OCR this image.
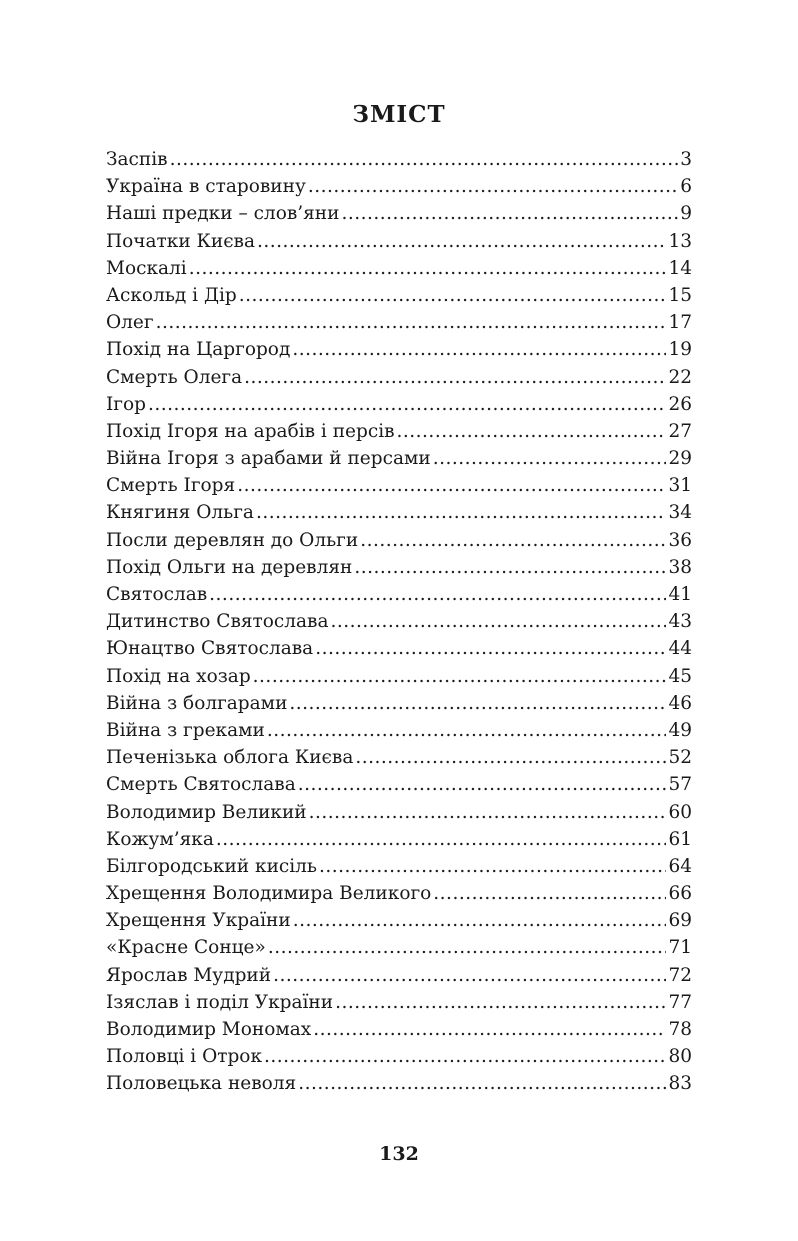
ЗМІСТ
Заспів .....	3
Україна в старовину .....	6
Наші предки – слов’яни .....	9
Початки Києва .....	13
Москалі .....	14
Аскольд і Дір .....	15
Олег .....	17
Похід на Царгород .....	19
Смерть Олега .....	22
Ігор .....	26
Похід Ігоря на арабів і персів .....	27
Війна Ігоря з арабами й персами .....	29
Смерть Ігоря .....	31
Княгиня Ольга .....	34
Посли деревлян до Ольги .....	36
Похід Ольги на деревлян .....	38
Святослав .....	41
Дитинство Святослава .....	43
Юнацтво Святослава .....	44
Похід на хозар .....	45
Війна з болгарами .....	46
Війна з греками .....	49
Печенізька облога Києва .....	52
Смерть Святослава .....	57
Володимир Великий .....	60
Кожум’яка .....	61
Білгородський кисіль .....	64
Хрещення Володимира Великого .....	66
Хрещення України .....	69
«Красне Сонце» .....	71
Ярослав Мудрий .....	72
Ізяслав і поділ України .....	77
Володимир Мономах .....	78
Половці і Отрок .....	80
Половецька неволя .....	83
132
